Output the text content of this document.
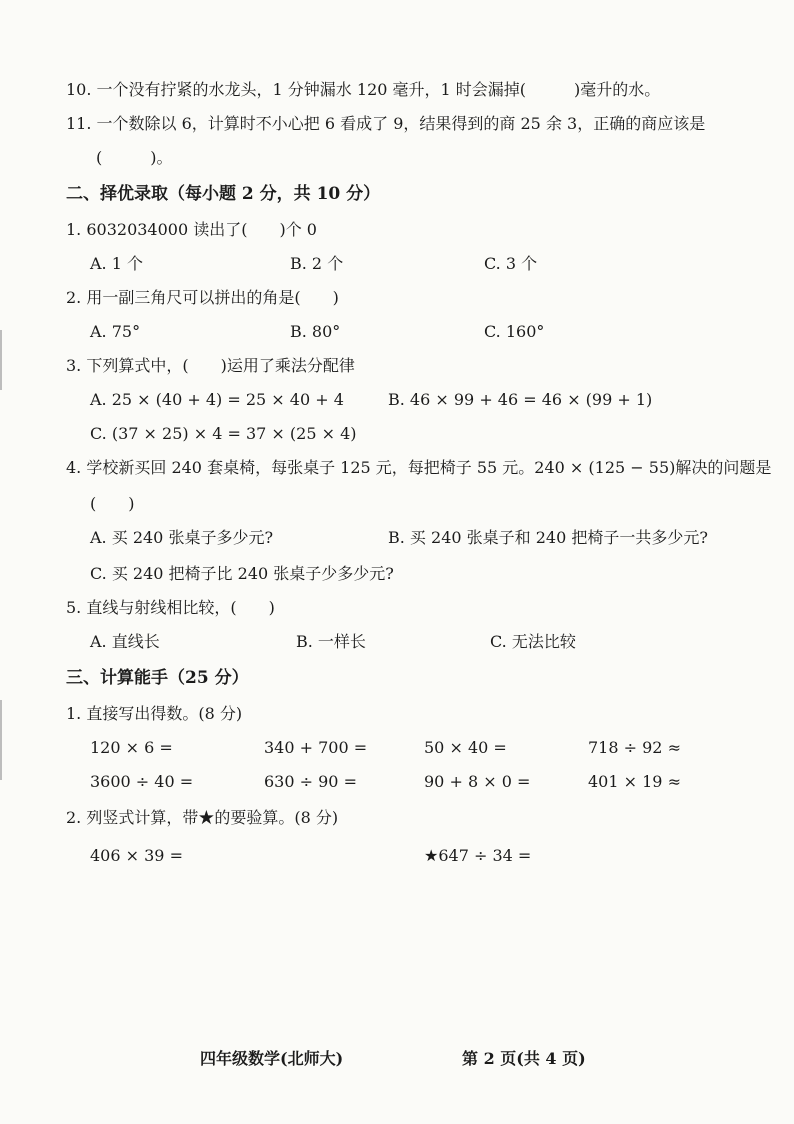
10. 一个没有拧紧的水龙头，1 分钟漏水 120 毫升，1 时会漏掉(　　　)毫升的水。
11. 一个数除以 6，计算时不小心把 6 看成了 9，结果得到的商 25 余 3，正确的商应该是
(　　　)。
二、择优录取（每小题 2 分，共 10 分）
1. 6032034000 读出了(　　)个 0
A. 1 个	B. 2 个	C. 3 个
2. 用一副三角尺可以拼出的角是(　　)
A. 75°	B. 80°	C. 160°
3. 下列算式中，(　　)运用了乘法分配律
A. 25 × (40 + 4) = 25 × 40 + 4	B. 46 × 99 + 46 = 46 × (99 + 1)
C. (37 × 25) × 4 = 37 × (25 × 4)
4. 学校新买回 240 套桌椅，每张桌子 125 元，每把椅子 55 元。240 × (125 − 55)解决的问题是
(　　)
A. 买 240 张桌子多少元?	B. 买 240 张桌子和 240 把椅子一共多少元?
C. 买 240 把椅子比 240 张桌子少多少元?
5. 直线与射线相比较，(　　)
A. 直线长	B. 一样长	C. 无法比较
三、计算能手（25 分）
1. 直接写出得数。(8 分)
120 × 6 =	340 + 700 =	50 × 40 =	718 ÷ 92 ≈
3600 ÷ 40 =	630 ÷ 90 =	90 + 8 × 0 =	401 × 19 ≈
2. 列竖式计算，带★的要验算。(8 分)
406 × 39 =	★647 ÷ 34 =
四年级数学(北师大)	第 2 页(共 4 页)
